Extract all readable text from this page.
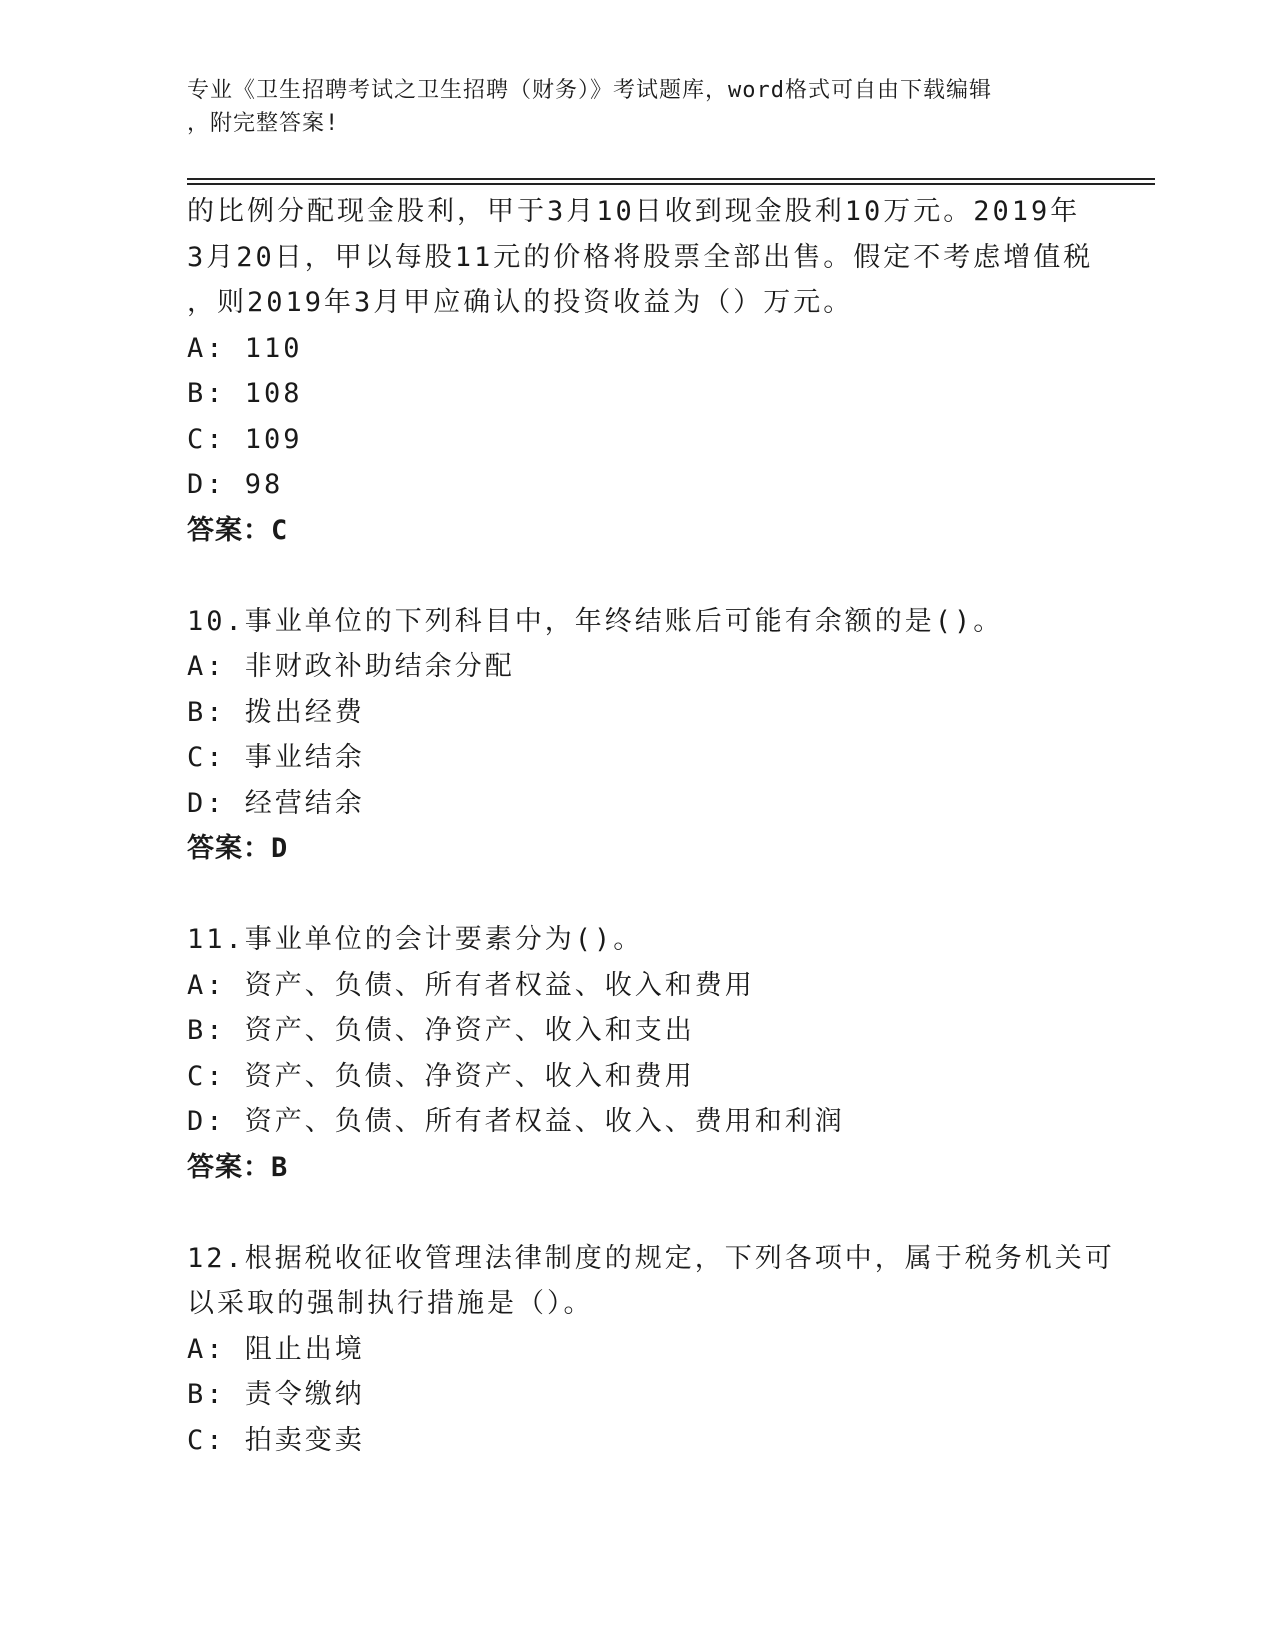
专业《卫生招聘考试之卫生招聘（财务）》考试题库，word格式可自由下载编辑
，附完整答案!
的比例分配现金股利，甲于3月10日收到现金股利10万元。2019年
3月20日，甲以每股11元的价格将股票全部出售。假定不考虑增值税
，则2019年3月甲应确认的投资收益为（）万元。
A: 110
B: 108
C: 109
D: 98
答案：C
10.事业单位的下列科目中，年终结账后可能有余额的是()。
A: 非财政补助结余分配
B: 拨出经费
C: 事业结余
D: 经营结余
答案：D
11.事业单位的会计要素分为()。
A: 资产、负债、所有者权益、收入和费用
B: 资产、负债、净资产、收入和支出
C: 资产、负债、净资产、收入和费用
D: 资产、负债、所有者权益、收入、费用和利润
答案：B
12.根据税收征收管理法律制度的规定，下列各项中，属于税务机关可
以采取的强制执行措施是（）。
A: 阻止出境
B: 责令缴纳
C: 拍卖变卖
